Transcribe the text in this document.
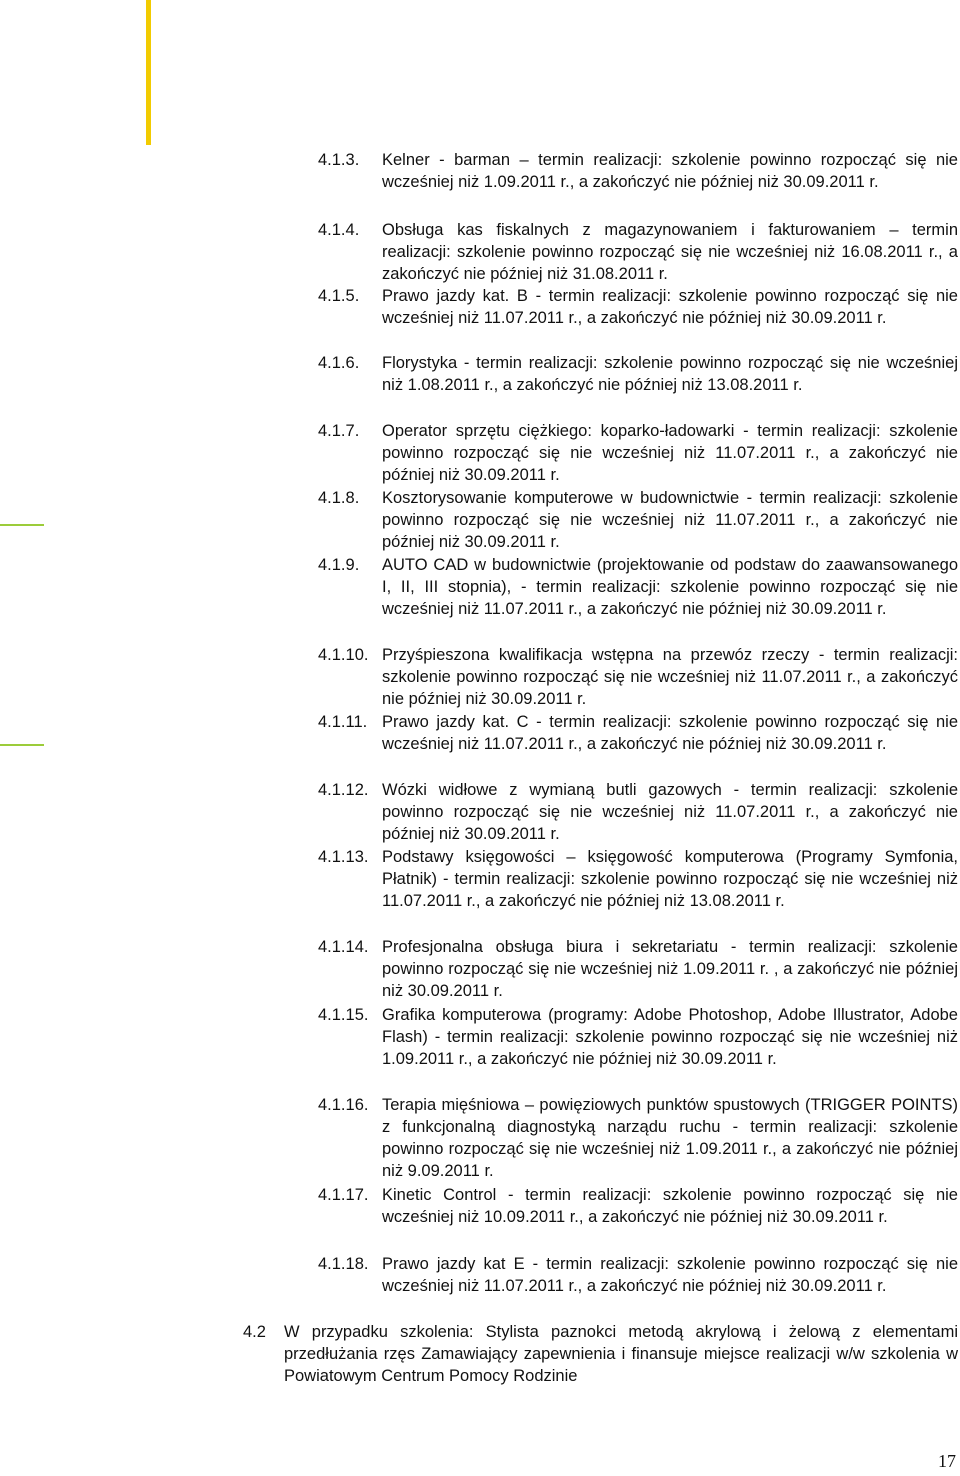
4.1.3.	Kelner - barman – termin realizacji: szkolenie powinno rozpocząć się nie wcześniej niż 1.09.2011 r., a zakończyć nie później niż 30.09.2011 r.
4.1.4.	Obsługa kas fiskalnych z magazynowaniem i fakturowaniem – termin realizacji: szkolenie powinno rozpocząć się nie wcześniej niż 16.08.2011 r., a zakończyć nie później niż 31.08.2011 r.
4.1.5.	Prawo jazdy kat. B - termin realizacji: szkolenie powinno rozpocząć się nie wcześniej niż 11.07.2011 r., a zakończyć nie później niż 30.09.2011 r.
4.1.6.	Florystyka - termin realizacji: szkolenie powinno rozpocząć się nie wcześniej niż 1.08.2011 r., a zakończyć nie później niż 13.08.2011 r.
4.1.7.	Operator sprzętu ciężkiego: koparko-ładowarki - termin realizacji: szkolenie powinno rozpocząć się nie wcześniej niż 11.07.2011 r., a zakończyć nie później niż 30.09.2011 r.
4.1.8.	Kosztorysowanie komputerowe w budownictwie - termin realizacji: szkolenie powinno rozpocząć się nie wcześniej niż 11.07.2011 r., a zakończyć nie później niż 30.09.2011 r.
4.1.9.	AUTO CAD w budownictwie (projektowanie od podstaw do zaawansowanego I, II, III stopnia), - termin realizacji: szkolenie powinno rozpocząć się nie wcześniej niż 11.07.2011 r., a zakończyć nie później niż 30.09.2011 r.
4.1.10. Przyśpieszona kwalifikacja wstępna na przewóz rzeczy - termin realizacji: szkolenie powinno rozpocząć się nie wcześniej niż 11.07.2011 r., a zakończyć nie później niż 30.09.2011 r.
4.1.11. Prawo jazdy kat. C - termin realizacji: szkolenie powinno rozpocząć się nie wcześniej niż 11.07.2011 r., a zakończyć nie później niż 30.09.2011 r.
4.1.12. Wózki widłowe z wymianą butli gazowych - termin realizacji: szkolenie powinno rozpocząć się nie wcześniej niż 11.07.2011 r., a zakończyć nie później niż 30.09.2011 r.
4.1.13. Podstawy księgowości – księgowość komputerowa (Programy Symfonia, Płatnik) - termin realizacji: szkolenie powinno rozpocząć się nie wcześniej niż 11.07.2011 r., a zakończyć nie później niż 13.08.2011 r.
4.1.14. Profesjonalna obsługa biura i sekretariatu - termin realizacji: szkolenie powinno rozpocząć się nie wcześniej niż 1.09.2011 r. , a zakończyć nie później niż 30.09.2011 r.
4.1.15. Grafika komputerowa (programy: Adobe Photoshop, Adobe Illustrator, Adobe Flash) - termin realizacji: szkolenie powinno rozpocząć się nie wcześniej niż 1.09.2011 r., a zakończyć nie później niż 30.09.2011 r.
4.1.16. Terapia mięśniowa – powięziowych punktów spustowych (TRIGGER POINTS) z funkcjonalną diagnostyką narządu ruchu - termin realizacji: szkolenie powinno rozpocząć się nie wcześniej niż 1.09.2011 r., a zakończyć nie później niż 9.09.2011 r.
4.1.17. Kinetic Control - termin realizacji: szkolenie powinno rozpocząć się nie wcześniej niż 10.09.2011 r., a zakończyć nie później niż 30.09.2011 r.
4.1.18. Prawo jazdy kat E - termin realizacji: szkolenie powinno rozpocząć się nie wcześniej niż 11.07.2011 r., a zakończyć nie później niż 30.09.2011 r.
4.2	W przypadku szkolenia: Stylista paznokci metodą akrylową i żelową z elementami przedłużania rzęs Zamawiający zapewnienia i finansuje miejsce realizacji w/w szkolenia w Powiatowym Centrum Pomocy Rodzinie
17
